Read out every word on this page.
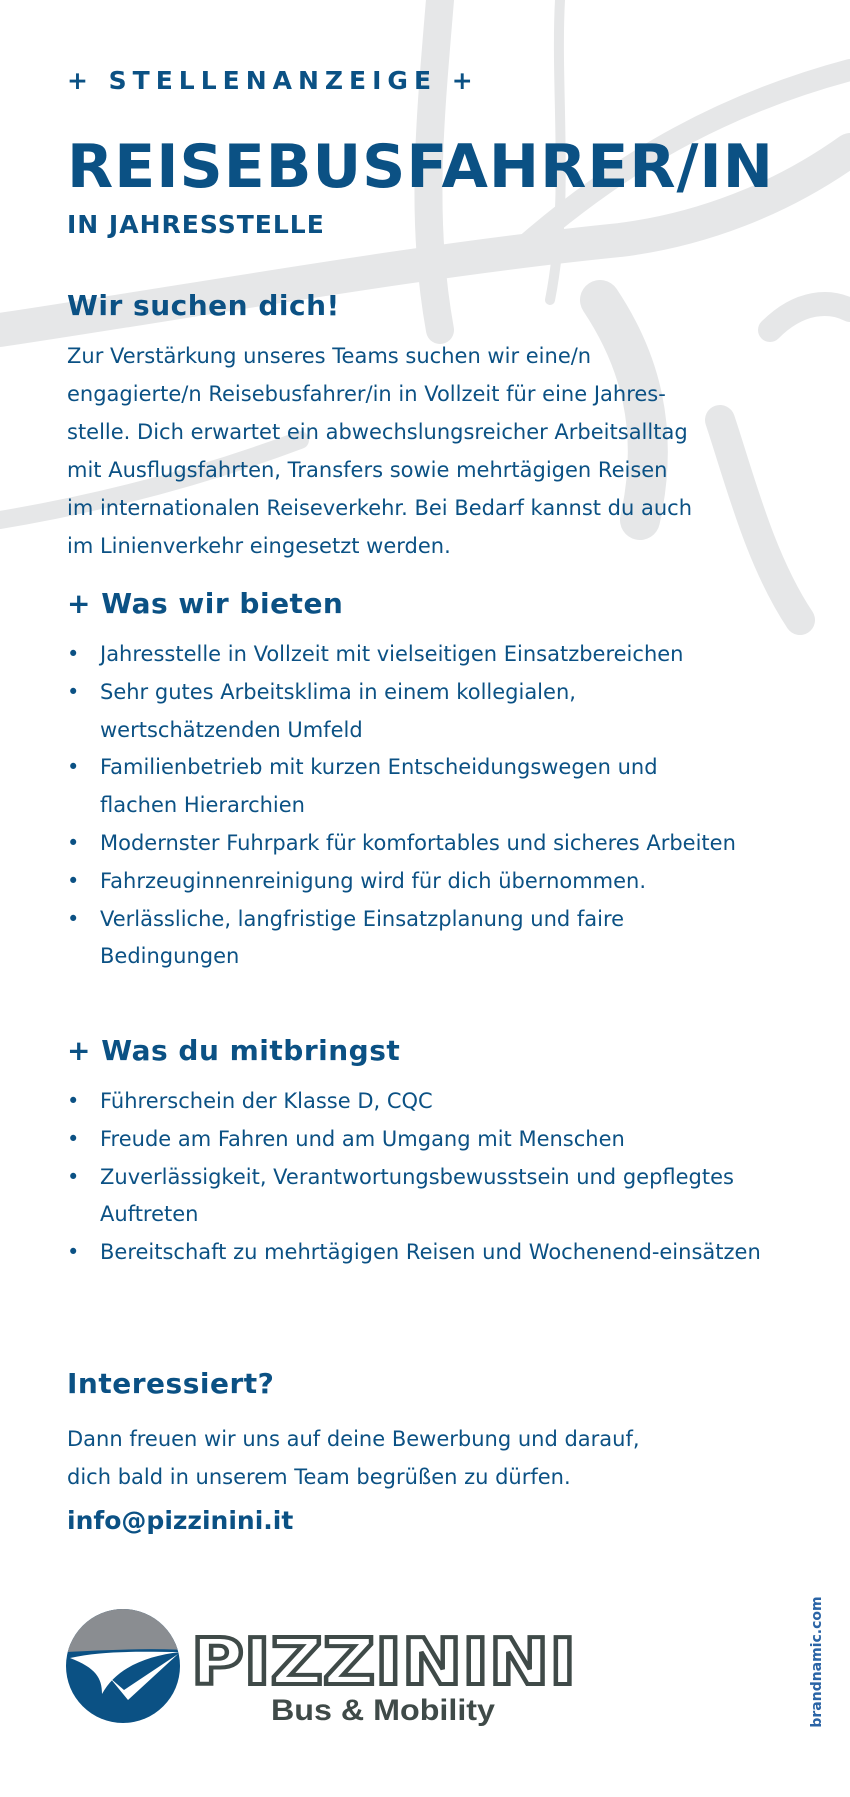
+ STELLENANZEIGE +
REISEBUSFAHRER/IN
IN JAHRESSTELLE
Wir suchen dich!
Zur Verstärkung unseres Teams suchen wir eine/n
engagierte/n Reisebusfahrer/in in Vollzeit für eine Jahres-
stelle. Dich erwartet ein abwechslungsreicher Arbeitsalltag
mit Ausflugsfahrten, Transfers sowie mehrtägigen Reisen
im internationalen Reiseverkehr. Bei Bedarf kannst du auch
im Linienverkehr eingesetzt werden.
+ Was wir bieten
• Jahresstelle in Vollzeit mit vielseitigen Einsatzbereichen
• Sehr gutes Arbeitsklima in einem kollegialen, wertschätzenden Umfeld
• Familienbetrieb mit kurzen Entscheidungswegen und flachen Hierarchien
• Modernster Fuhrpark für komfortables und sicheres Arbeiten
• Fahrzeuginnenreinigung wird für dich übernommen.
• Verlässliche, langfristige Einsatzplanung und faire Bedingungen
+ Was du mitbringst
• Führerschein der Klasse D, CQC
• Freude am Fahren und am Umgang mit Menschen
• Zuverlässigkeit, Verantwortungsbewusstsein und gepflegtes Auftreten
• Bereitschaft zu mehrtägigen Reisen und Wochenend-einsätzen
Interessiert?
Dann freuen wir uns auf deine Bewerbung und darauf,
dich bald in unserem Team begrüßen zu dürfen.
info@pizzinini.it
PIZZININI
Bus & Mobility	brandnamic.com
